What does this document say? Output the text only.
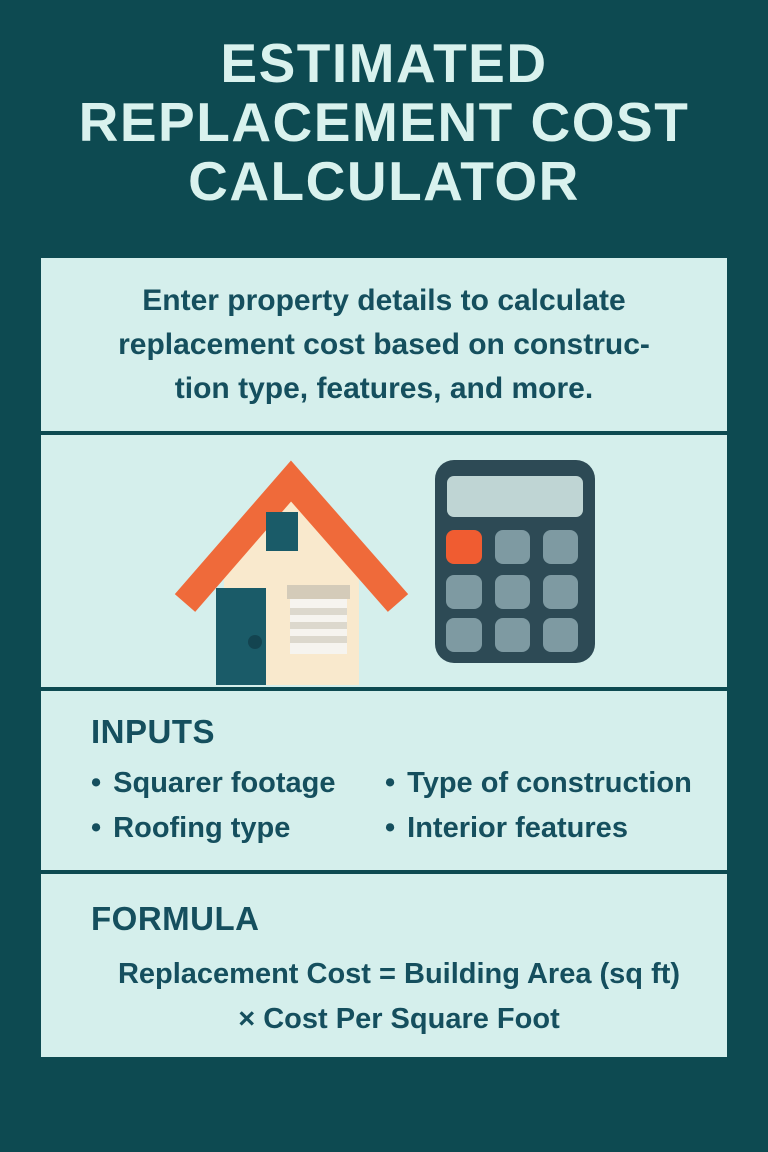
ESTIMATED
REPLACEMENT COST
CALCULATOR
Enter property details to calculate
replacement cost based on construc-
tion type, features, and more.
INPUTS
• Squarer footage
• Roofing type
• Type of construction
• Interior features
FORMULA
Replacement Cost = Building Area (sq ft)
× Cost Per Square Foot
